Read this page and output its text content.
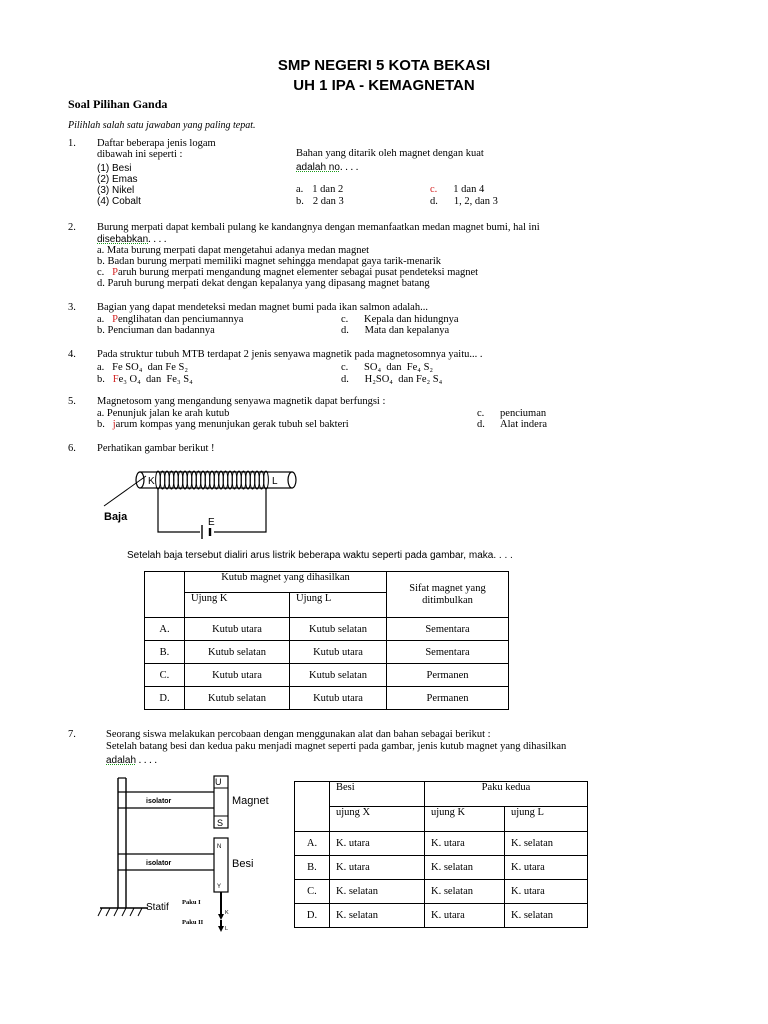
SMP NEGERI 5 KOTA BEKASI
UH 1 IPA - KEMAGNETAN
Soal Pilihan Ganda
Pilihlah salah satu jawaban yang paling tepat.
1. Daftar beberapa jenis logam
dibawah ini seperti :
(1) Besi
(2) Emas
(3) Nikel
(4) Cobalt
Bahan yang ditarik oleh magnet dengan kuat
adalah no. . . .
a. 1 dan 2
b. 2 dan 3
c. 1 dan 4
d. 1, 2, dan 3
2. Burung merpati dapat kembali pulang ke kandangnya dengan memanfaatkan medan magnet bumi, hal ini
disebabkan. . . .
a. Mata burung merpati dapat mengetahui adanya medan magnet
b. Badan burung merpati memiliki magnet sehingga mendapat gaya tarik-menarik
c.   Paruh burung merpati mengandung magnet elementer sebagai pusat pendeteksi magnet
d. Paruh burung merpati dekat dengan kepalanya yang dipasang magnet batang
3. Bagian yang dapat mendeteksi medan magnet bumi pada ikan salmon adalah...
a.   Penglihatan dan penciumannya
b. Penciuman dan badannya
c.      Kepala dan hidungnya
d.      Mata dan kepalanya
4. Pada struktur tubuh MTB terdapat 2 jenis senyawa magnetik pada magnetosomnya yaitu... .
a.   Fe SO₄  dan Fe S₂
b.   Fe₃ O₄  dan  Fe₃ S₄
c.      SO₄  dan  Fe₄ S₂
d.      H₂SO₄  dan Fe₂ S₄
5. Magnetosom yang mengandung senyawa magnetik dapat berfungsi :
a. Penunjuk jalan ke arah kutub
b.   jarum kompas yang menunjukan gerak tubuh sel bakteri
c.      penciuman
d.      Alat indera
6. Perhatikan gambar berikut !
K	L
Baja	E
Setelah baja tersebut dialiri arus listrik beberapa waktu seperti pada gambar, maka. . . .
	Kutub magnet yang dihasilkan		Sifat magnet yang ditimbulkan
	Ujung K	Ujung L	
A.	Kutub utara	Kutub selatan	Sementara
B.	Kutub selatan	Kutub utara	Sementara
C.	Kutub utara	Kutub selatan	Permanen
D.	Kutub selatan	Kutub utara	Permanen
7.	Seorang siswa melakukan percobaan dengan menggunakan alat dan bahan sebagai berikut :
Setelah batang besi dan kedua paku menjadi magnet seperti pada gambar, jenis kutub magnet yang dihasilkan
adalah . . . .
U
S
N
Y
isolator
isolator
Magnet
Besi
Statif Paku I
Paku II
K
L
	Besi	Paku kedua	
	ujung X	ujung K	ujung L
A.	K. utara	K. utara	K. selatan
B.	K. utara	K. selatan	K. utara
C.	K. selatan	K. selatan	K. utara
D.	K. selatan	K. utara	K. selatan
